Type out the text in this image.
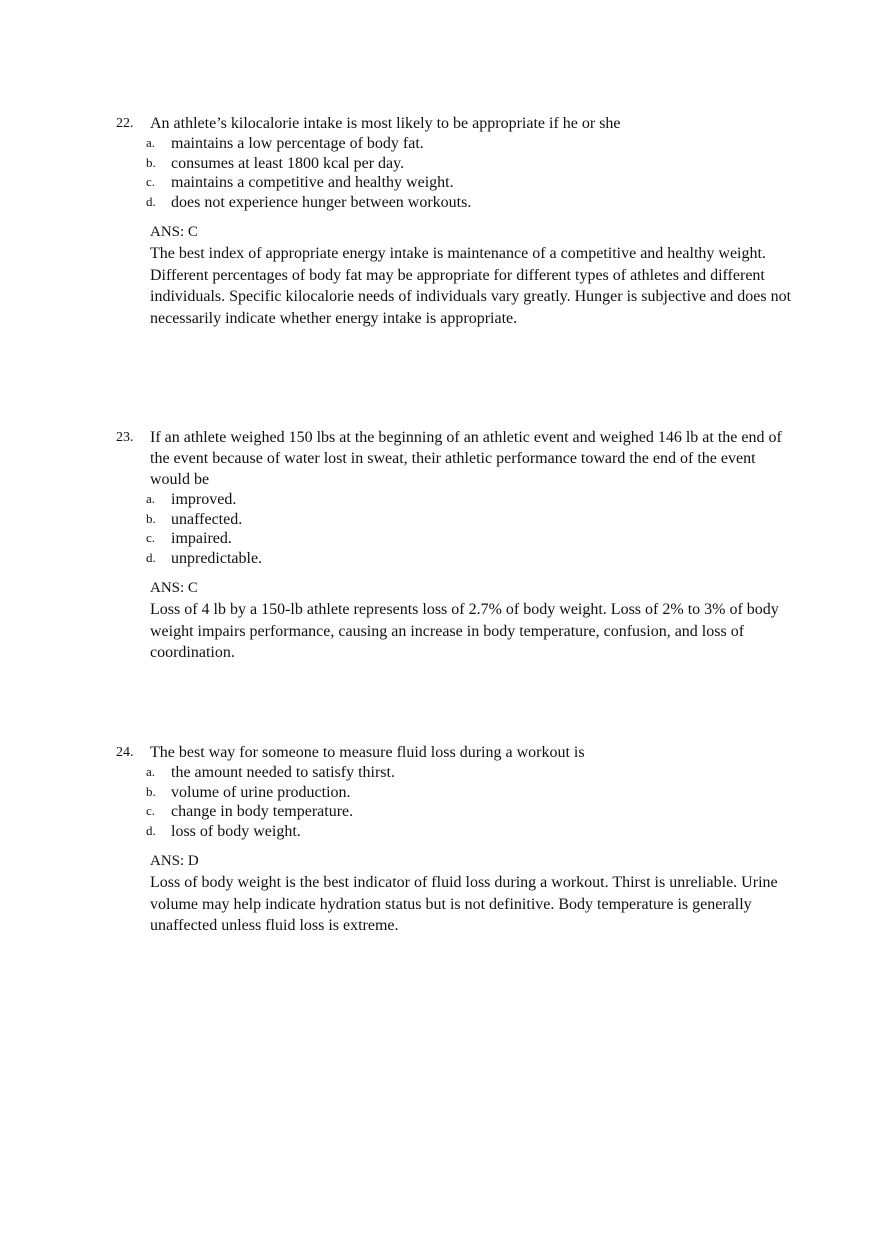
22. An athlete’s kilocalorie intake is most likely to be appropriate if he or she
a. maintains a low percentage of body fat.
b. consumes at least 1800 kcal per day.
c. maintains a competitive and healthy weight.
d. does not experience hunger between workouts.
ANS: C
The best index of appropriate energy intake is maintenance of a competitive and healthy weight. Different percentages of body fat may be appropriate for different types of athletes and different individuals. Specific kilocalorie needs of individuals vary greatly. Hunger is subjective and does not necessarily indicate whether energy intake is appropriate.
23. If an athlete weighed 150 lbs at the beginning of an athletic event and weighed 146 lb at the end of the event because of water lost in sweat, their athletic performance toward the end of the event would be
a. improved.
b. unaffected.
c. impaired.
d. unpredictable.
ANS: C
Loss of 4 lb by a 150-lb athlete represents loss of 2.7% of body weight. Loss of 2% to 3% of body weight impairs performance, causing an increase in body temperature, confusion, and loss of coordination.
24. The best way for someone to measure fluid loss during a workout is
a. the amount needed to satisfy thirst.
b. volume of urine production.
c. change in body temperature.
d. loss of body weight.
ANS: D
Loss of body weight is the best indicator of fluid loss during a workout. Thirst is unreliable. Urine volume may help indicate hydration status but is not definitive. Body temperature is generally unaffected unless fluid loss is extreme.
